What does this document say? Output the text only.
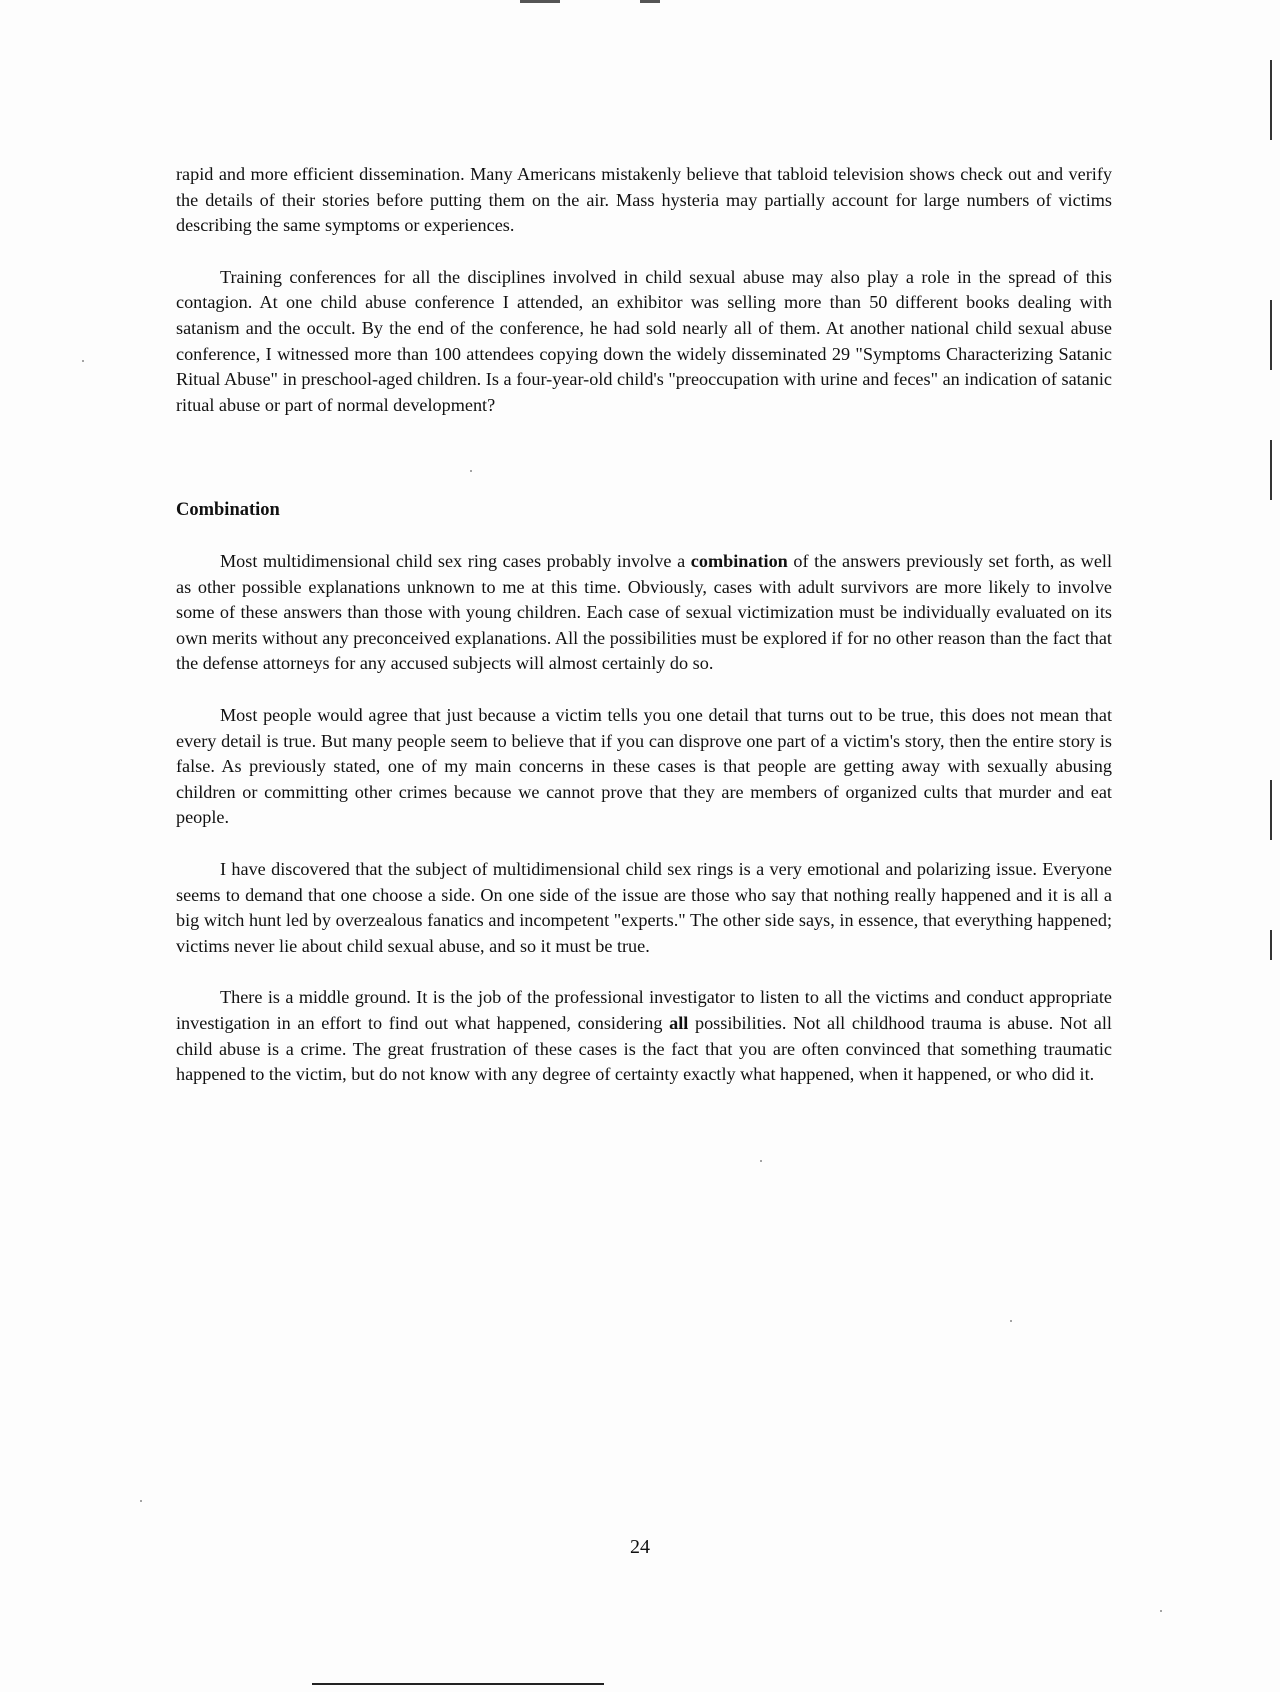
rapid and more efficient dissemination. Many Americans mistakenly believe that tabloid television shows check out and verify the details of their stories before putting them on the air. Mass hysteria may partially account for large numbers of victims describing the same symptoms or experiences.

Training conferences for all the disciplines involved in child sexual abuse may also play a role in the spread of this contagion. At one child abuse conference I attended, an exhibitor was selling more than 50 different books dealing with satanism and the occult. By the end of the conference, he had sold nearly all of them. At another national child sexual abuse conference, I witnessed more than 100 attendees copying down the widely disseminated 29 "Symptoms Characterizing Satanic Ritual Abuse" in preschool-aged children. Is a four-year-old child's "preoccupation with urine and feces" an indication of satanic ritual abuse or part of normal development?

Combination

Most multidimensional child sex ring cases probably involve a combination of the answers previously set forth, as well as other possible explanations unknown to me at this time. Obviously, cases with adult survivors are more likely to involve some of these answers than those with young children. Each case of sexual victimization must be individually evaluated on its own merits without any preconceived explanations. All the possibilities must be explored if for no other reason than the fact that the defense attorneys for any accused subjects will almost certainly do so.

Most people would agree that just because a victim tells you one detail that turns out to be true, this does not mean that every detail is true. But many people seem to believe that if you can disprove one part of a victim's story, then the entire story is false. As previously stated, one of my main concerns in these cases is that people are getting away with sexually abusing children or committing other crimes because we cannot prove that they are members of organized cults that murder and eat people.

I have discovered that the subject of multidimensional child sex rings is a very emotional and polarizing issue. Everyone seems to demand that one choose a side. On one side of the issue are those who say that nothing really happened and it is all a big witch hunt led by overzealous fanatics and incompetent "experts." The other side says, in essence, that everything happened; victims never lie about child sexual abuse, and so it must be true.

There is a middle ground. It is the job of the professional investigator to listen to all the victims and conduct appropriate investigation in an effort to find out what happened, considering all possibilities. Not all childhood trauma is abuse. Not all child abuse is a crime. The great frustration of these cases is the fact that you are often convinced that something traumatic happened to the victim, but do not know with any degree of certainty exactly what happened, when it happened, or who did it.

24
